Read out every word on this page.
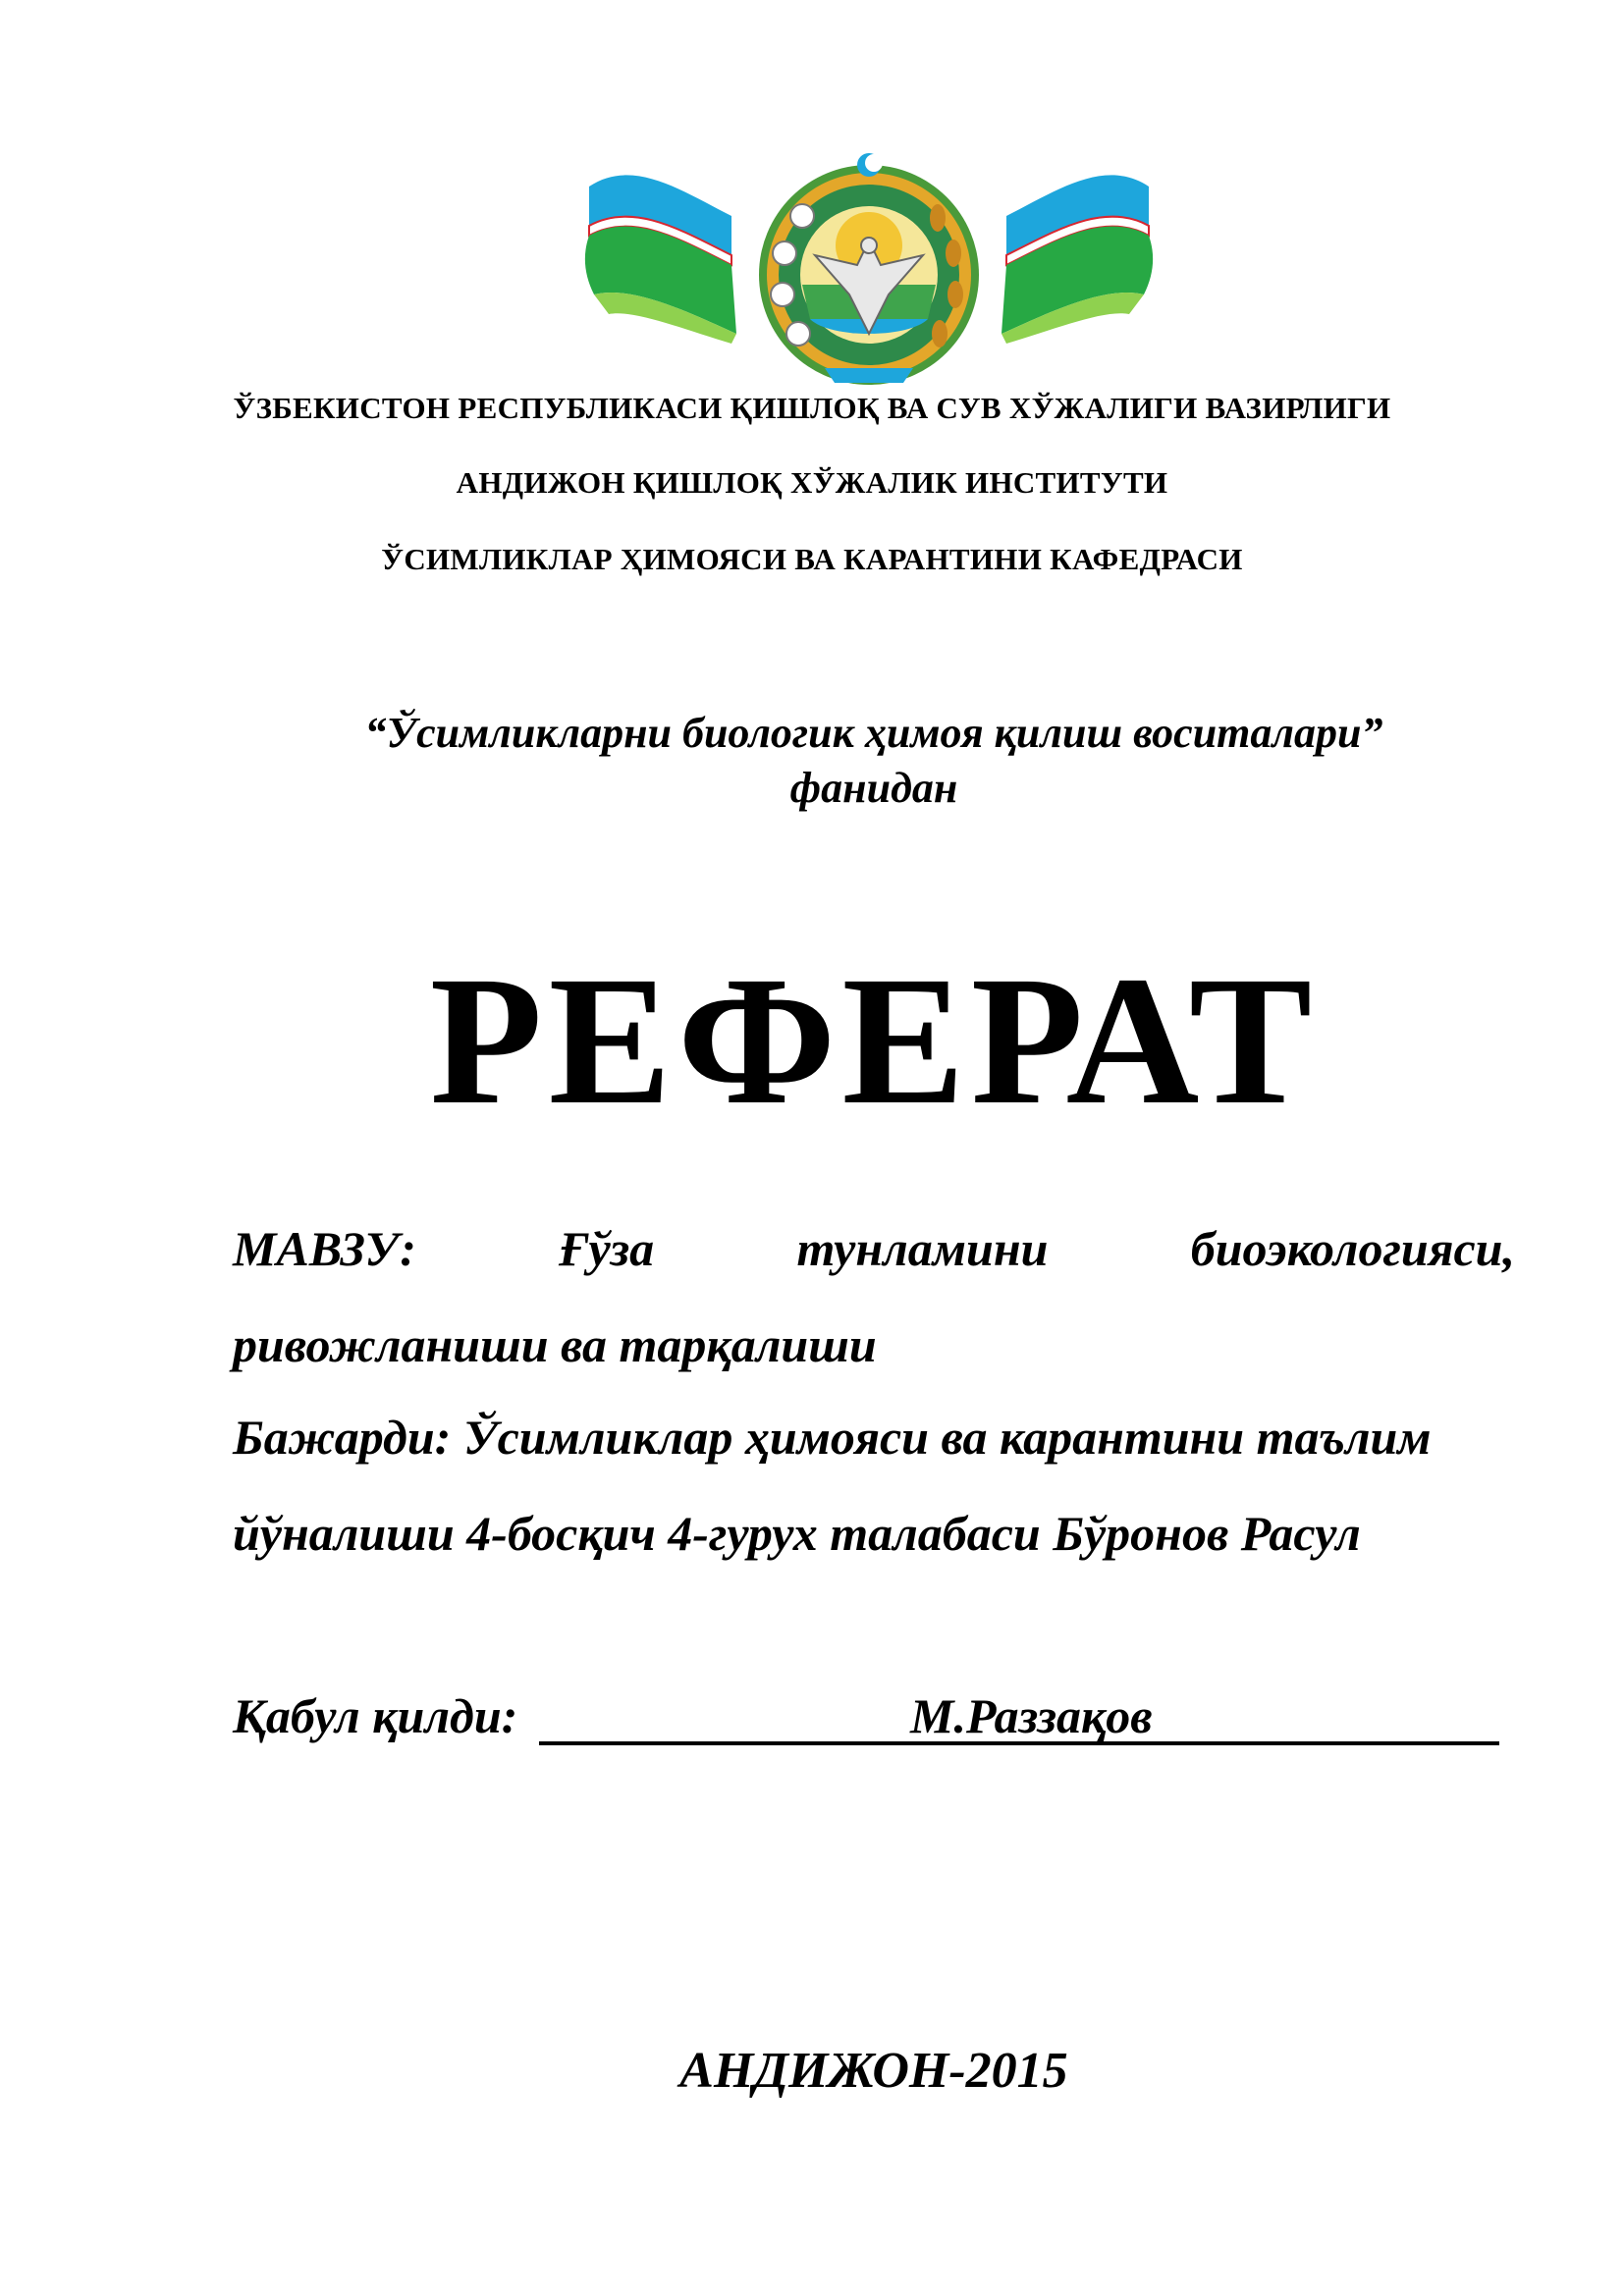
ЎЗБЕКИСТОН РЕСПУБЛИКАСИ ҚИШЛОҚ ВА СУВ ХЎЖАЛИГИ ВАЗИРЛИГИ
АНДИЖОН ҚИШЛОҚ ХЎЖАЛИК ИНСТИТУТИ
ЎСИМЛИКЛАР ҲИМОЯСИ ВА КАРАНТИНИ КАФЕДРАСИ
“Ўсимликларни биологик ҳимоя қилиш воситалари”
фанидан
РЕФЕРАТ
МАВЗУ:	Ғўза	тунламини	биоэкологияси,
ривожланиши ва тарқалиши
Бажарди: Ўсимликлар ҳимояси ва карантини таълим
йўналиши 4-босқич 4-гурух талабаси Бўронов Расул
Қабул қилди:	М.Раззақов
АНДИЖОН-2015
